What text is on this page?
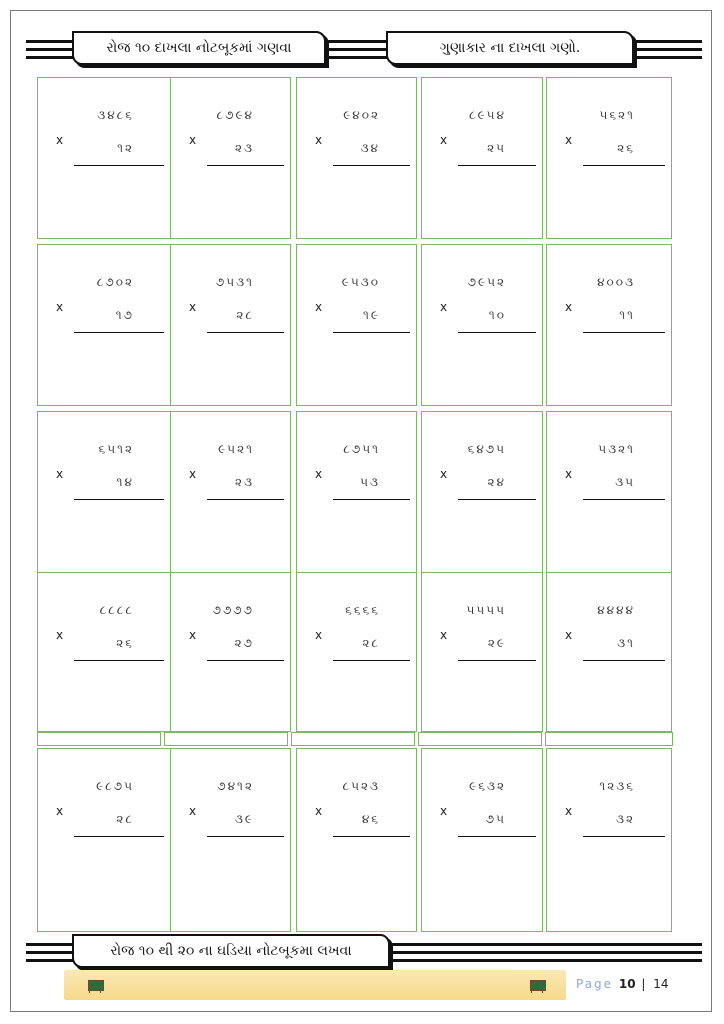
રોજ ૧૦ દાખલા નોટબૂકમાં ગણવા	ગુણાકાર ના દાખલા ગણો.
x
૩૪૮૬
૧૨
x
૮૭૯૪
૨૩
x
૯૪૦૨
૩૪
x
૮૯૫૪
૨૫
x
૫૬૨૧
૨૬
x
૮૭૦૨
૧૭
x
૭૫૩૧
૨૮
x
૯૫૩૦
૧૯
x
૭૯૫૨
૧૦
x
૪૦૦૩
૧૧
x
૬૫૧૨
૧૪
x
૯૫૨૧
૨૩
x
૮૭૫૧
૫૩
x
૬૪૭૫
૨૪
x
૫૩૨૧
૩૫
x
૮૮૮૮
૨૬
x
૭૭૭૭
૨૭
x
૬૬૬૬
૨૮
x
૫૫૫૫
૨૯
x
૪૪૪૪
૩૧
x
૯૮૭૫
૨૮
x
૭૪૧૨
૩૯
x
૮૫૨૩
૪૬
x
૯૬૩૨
૭૫
x
૧૨૩૬
૩૨
રોજ ૧૦ થી ૨૦ ના ઘડિયા નોટબૂકમા લખવા
Page 10 | 14
